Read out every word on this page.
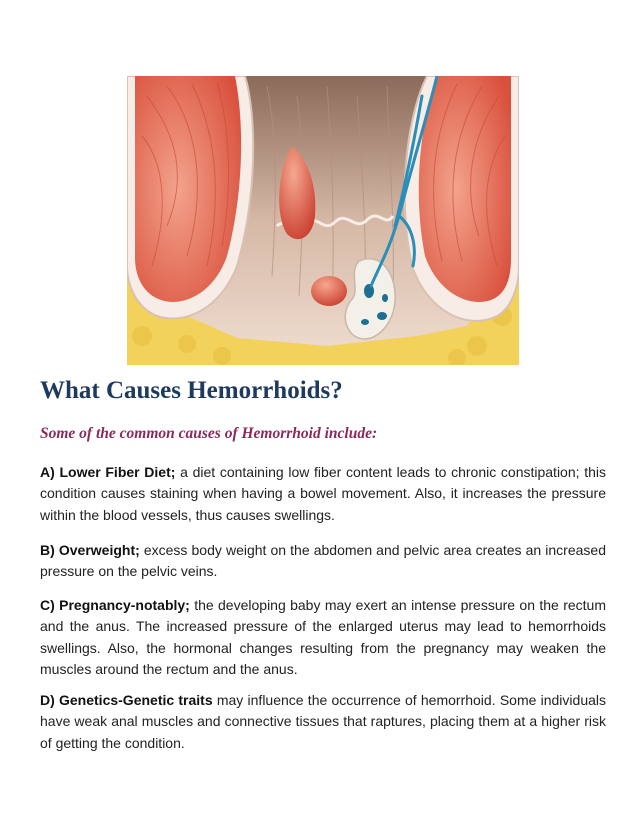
What Causes Hemorrhoids?

Some of the common causes of Hemorrhoid include:

A) Lower Fiber Diet; a diet containing low fiber content leads to chronic constipation; this condition causes staining when having a bowel movement. Also, it increases the pressure within the blood vessels, thus causes swellings.

B) Overweight; excess body weight on the abdomen and pelvic area creates an increased pressure on the pelvic veins.

C) Pregnancy-notably; the developing baby may exert an intense pressure on the rectum and the anus. The increased pressure of the enlarged uterus may lead to hemorrhoids swellings. Also, the hormonal changes resulting from the pregnancy may weaken the muscles around the rectum and the anus.

D) Genetics-Genetic traits may influence the occurrence of hemorrhoid. Some individuals have weak anal muscles and connective tissues that raptures, placing them at a higher risk of getting the condition.
